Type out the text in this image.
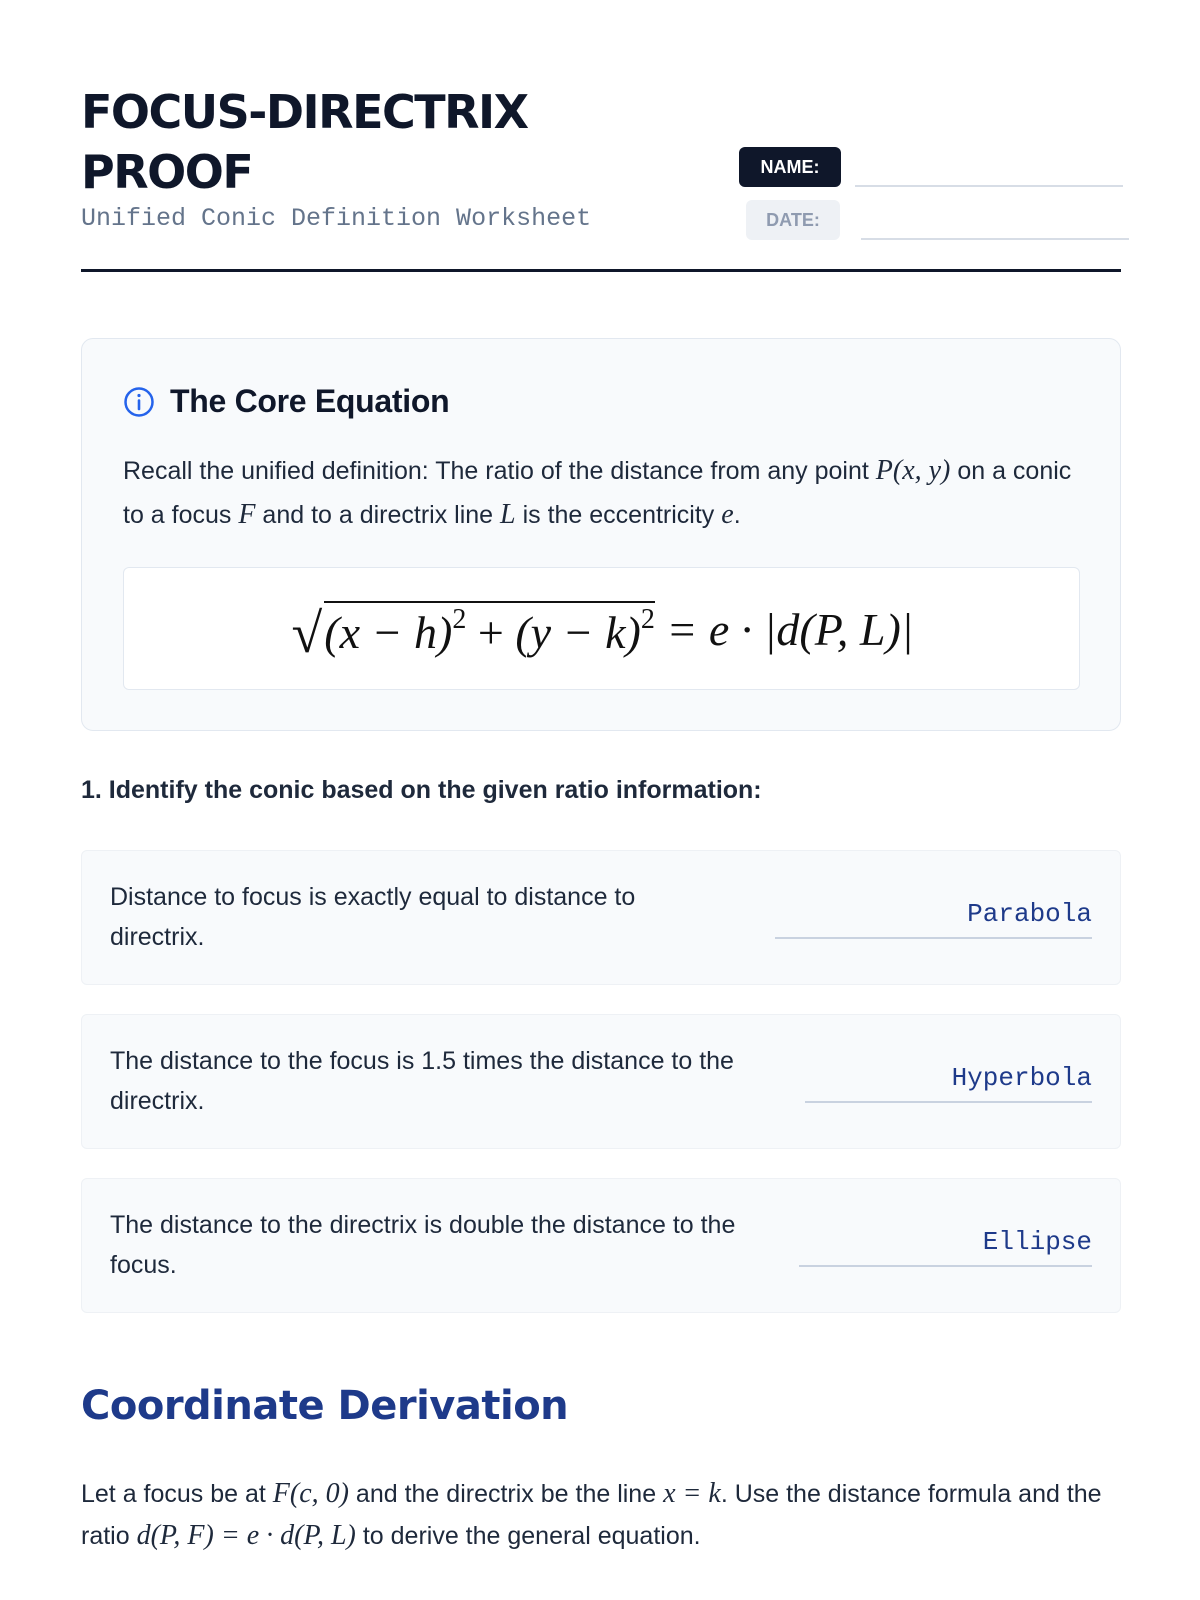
FOCUS-DIRECTRIX
PROOF
Unified Conic Definition Worksheet
NAME:
DATE:
The Core Equation

Recall the unified definition: The ratio of the distance from any point P(x, y) on a conic to a focus F and to a directrix line L is the eccentricity e.

√ $(x - h)^2 + (y - k)^2 = e \cdot |d(P$, L)|
1. Identify the conic based on the given ratio information:
Distance to focus is exactly equal to distance to directrix.
Parabola
The distance to the focus is 1.5 times the distance to the directrix.
Hyperbola
The distance to the directrix is double the distance to the focus.
Ellipse
Coordinate Derivation

Let a focus be at F(c, 0) and the directrix be the line x = k. Use the distance formula and the ratio d(P, F) = e · d(P, L) to derive the general equation.
